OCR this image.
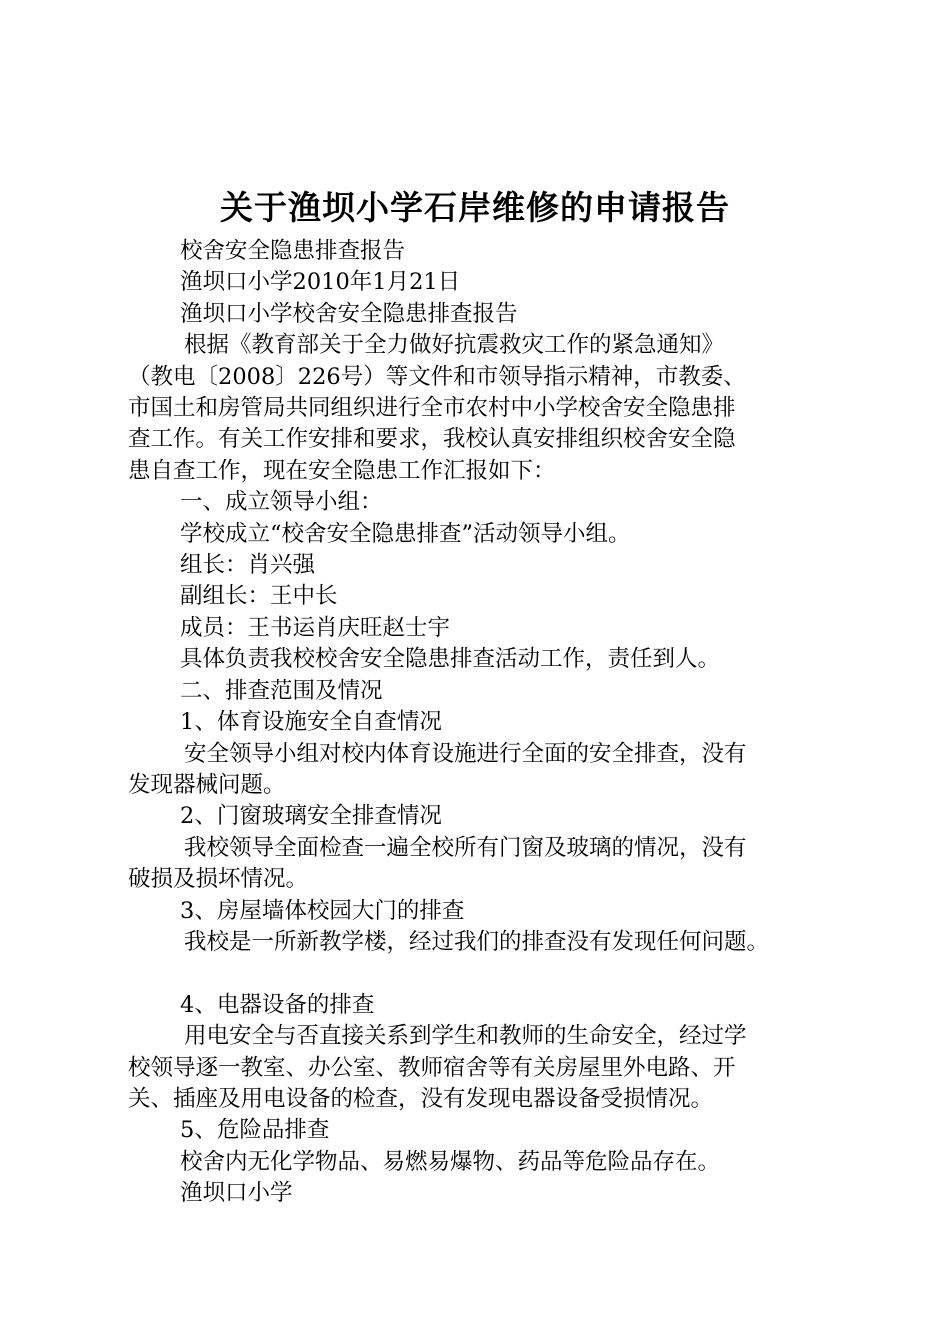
关于渔坝小学石岸维修的申请报告

校舍安全隐患排查报告

渔坝口小学2010年1月21日

渔坝口小学校舍安全隐患排查报告

根据《教育部关于全力做好抗震救灾工作的紧急通知》

（教电〔2008〕226号）等文件和市领导指示精神，市教委、

市国土和房管局共同组织进行全市农村中小学校舍安全隐患排

查工作。有关工作安排和要求，我校认真安排组织校舍安全隐

患自查工作，现在安全隐患工作汇报如下：

一、成立领导小组：

学校成立“校舍安全隐患排查”活动领导小组。

组长：肖兴强

副组长：王中长

成员：王书运肖庆旺赵士宇

具体负责我校校舍安全隐患排查活动工作，责任到人。

二、排查范围及情况

1、体育设施安全自查情况

安全领导小组对校内体育设施进行全面的安全排查，没有

发现器械问题。

2、门窗玻璃安全排查情况

我校领导全面检查一遍全校所有门窗及玻璃的情况，没有

破损及损坏情况。

3、房屋墙体校园大门的排查

我校是一所新教学楼，经过我们的排查没有发现任何问题。

4、电器设备的排查

用电安全与否直接关系到学生和教师的生命安全，经过学

校领导逐一教室、办公室、教师宿舍等有关房屋里外电路、开

关、插座及用电设备的检查，没有发现电器设备受损情况。

5、危险品排查

校舍内无化学物品、易燃易爆物、药品等危险品存在。

渔坝口小学
